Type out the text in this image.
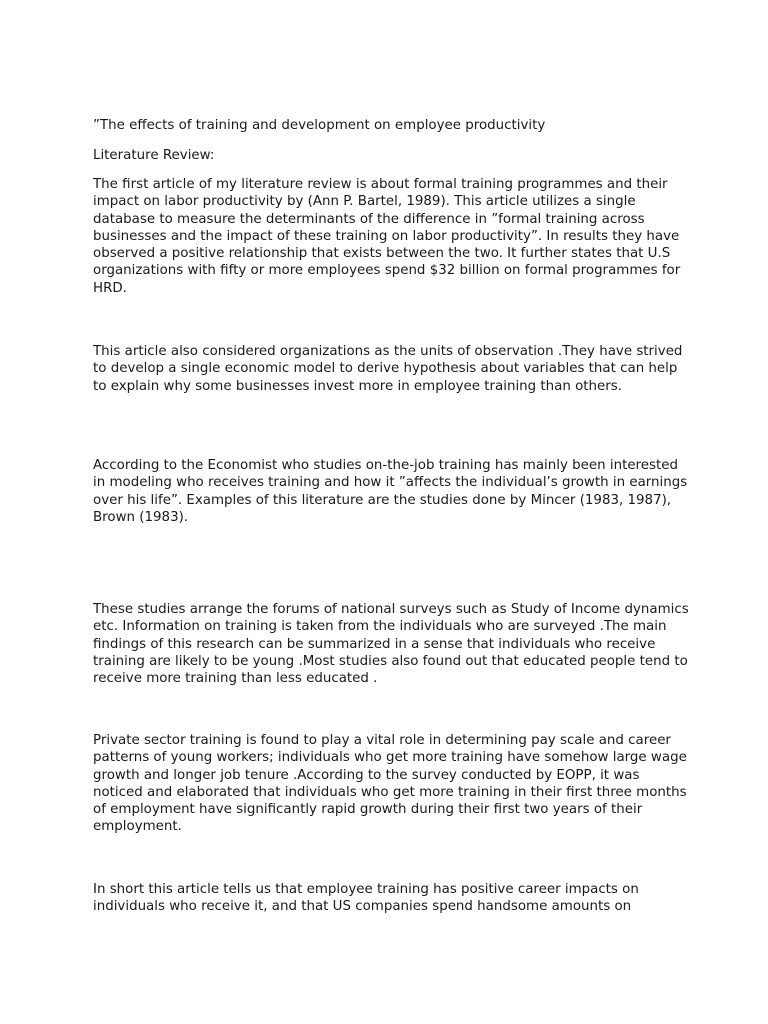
”The effects of training and development on employee productivity

Literature Review:

The first article of my literature review is about formal training programmes and their impact on labor productivity by (Ann P. Bartel, 1989). This article utilizes a single database to measure the determinants of the difference in ”formal training across businesses and the impact of these training on labor productivity”. In results they have observed a positive relationship that exists between the two. It further states that U.S organizations with fifty or more employees spend $32 billion on formal programmes for HRD.

This article also considered organizations as the units of observation .They have strived to develop a single economic model to derive hypothesis about variables that can help to explain why some businesses invest more in employee training than others.

According to the Economist who studies on-the-job training has mainly been interested in modeling who receives training and how it ”affects the individual’s growth in earnings over his life”. Examples of this literature are the studies done by Mincer (1983, 1987), Brown (1983).

These studies arrange the forums of national surveys such as Study of Income dynamics etc. Information on training is taken from the individuals who are surveyed .The main findings of this research can be summarized in a sense that individuals who receive training are likely to be young .Most studies also found out that educated people tend to receive more training than less educated .

Private sector training is found to play a vital role in determining pay scale and career patterns of young workers; individuals who get more training have somehow large wage growth and longer job tenure .According to the survey conducted by EOPP, it was noticed and elaborated that individuals who get more training in their first three months of employment have significantly rapid growth during their first two years of their employment.

In short this article tells us that employee training has positive career impacts on individuals who receive it, and that US companies spend handsome amounts on
